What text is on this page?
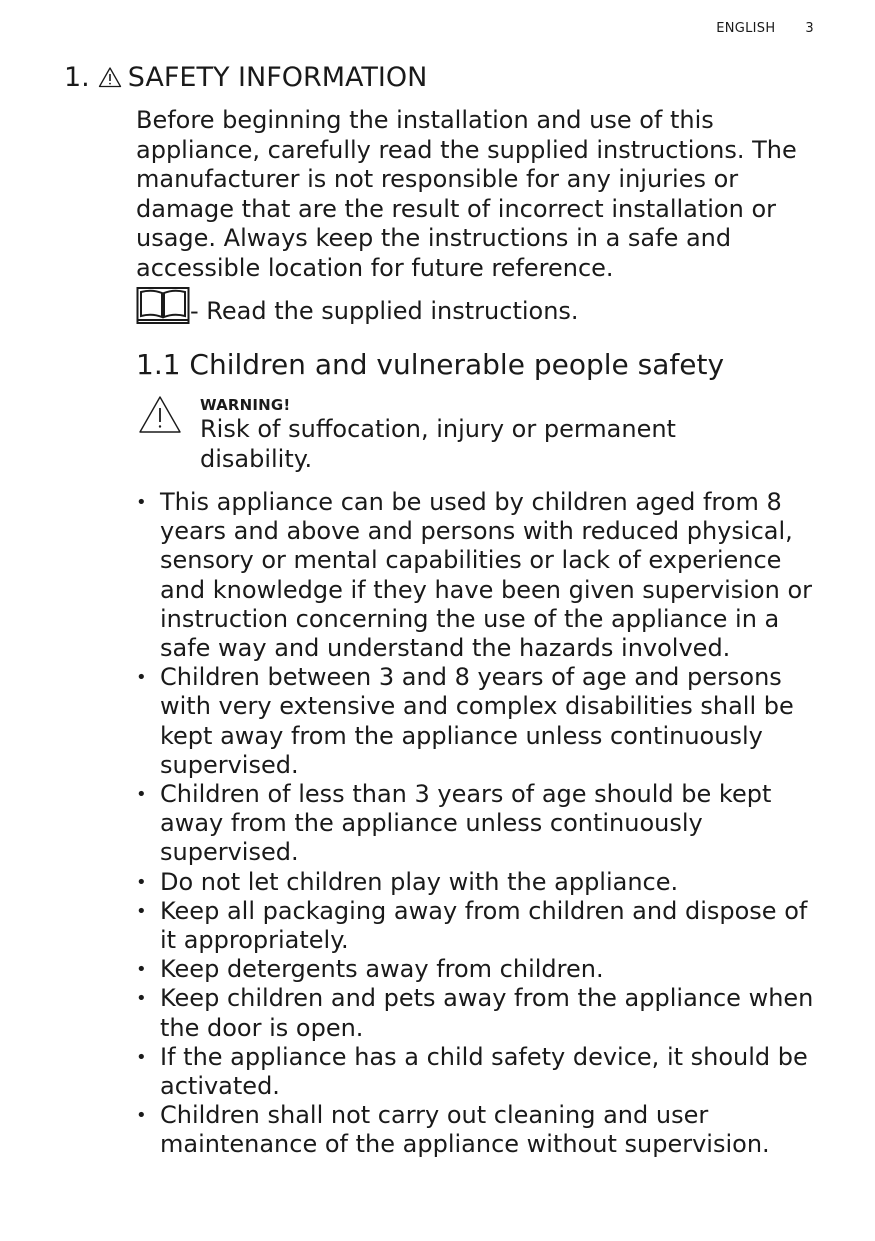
ENGLISH 3
1. SAFETY INFORMATION

Before beginning the installation and use of this appliance, carefully read the supplied instructions. The manufacturer is not responsible for any injuries or damage that are the result of incorrect installation or usage. Always keep the instructions in a safe and accessible location for future reference.

- Read the supplied instructions.
1.1 Children and vulnerable people safety
WARNING!
Risk of suffocation, injury or permanent disability.
• This appliance can be used by children aged from 8 years and above and persons with reduced physical, sensory or mental capabilities or lack of experience and knowledge if they have been given supervision or instruction concerning the use of the appliance in a safe way and understand the hazards involved.
• Children between 3 and 8 years of age and persons with very extensive and complex disabilities shall be kept away from the appliance unless continuously supervised.
• Children of less than 3 years of age should be kept away from the appliance unless continuously supervised.
• Do not let children play with the appliance.
• Keep all packaging away from children and dispose of it appropriately.
• Keep detergents away from children.
• Keep children and pets away from the appliance when the door is open.
• If the appliance has a child safety device, it should be activated.
• Children shall not carry out cleaning and user maintenance of the appliance without supervision.
